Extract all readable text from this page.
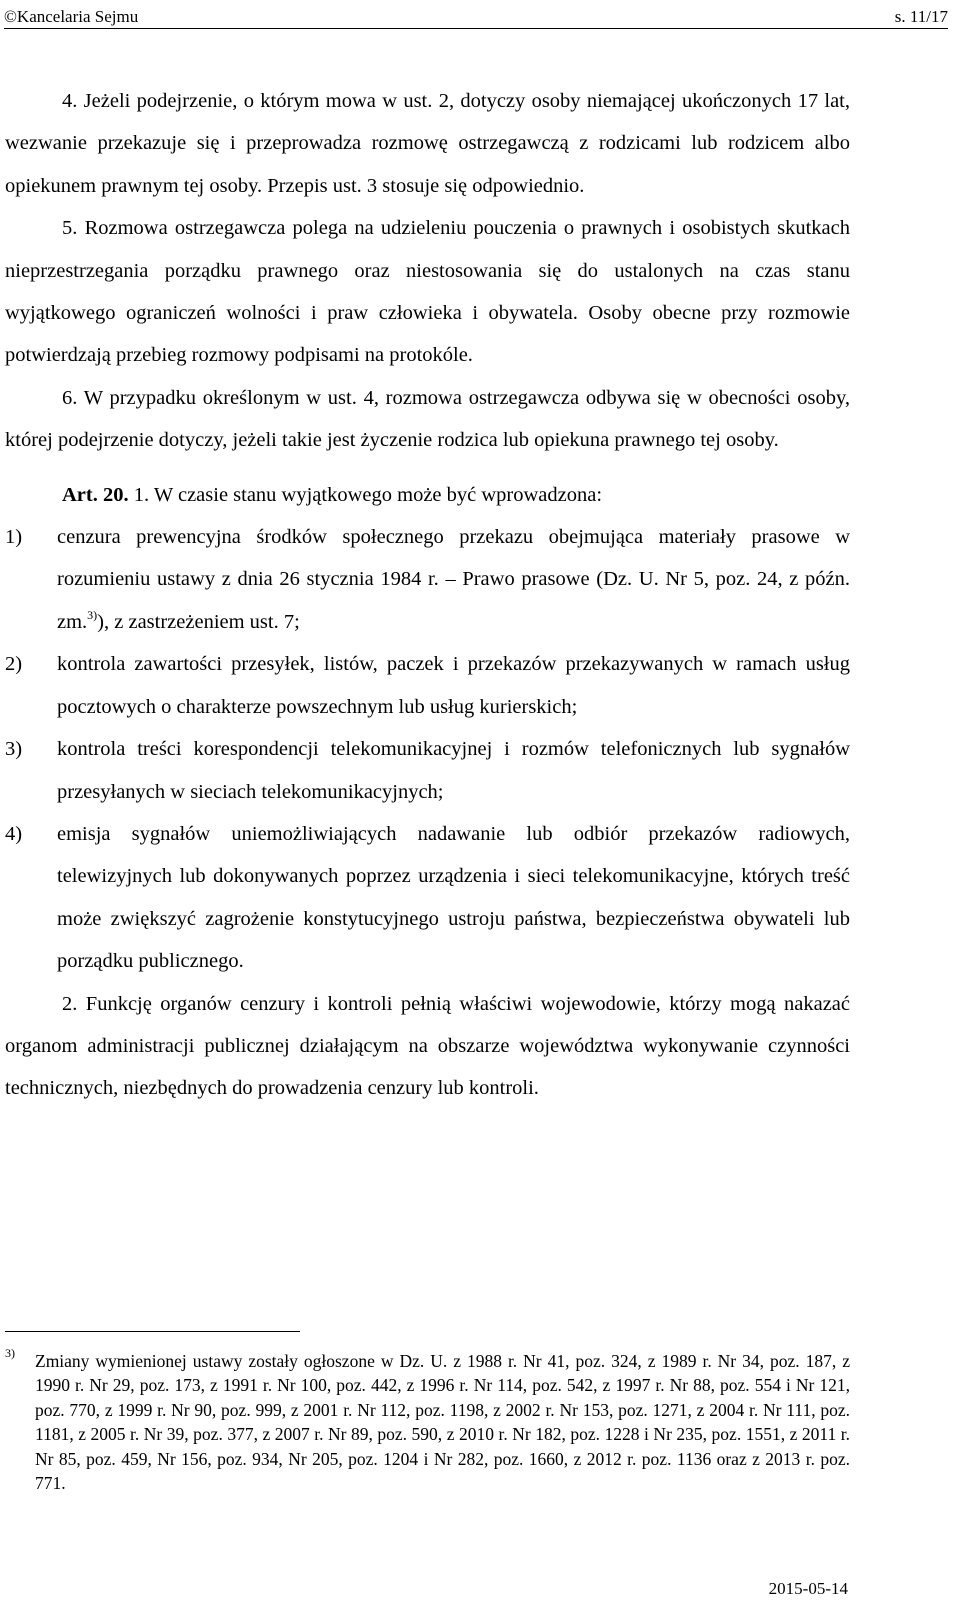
©Kancelaria Sejmu	s. 11/17

4. Jeżeli podejrzenie, o którym mowa w ust. 2, dotyczy osoby niemającej ukończonych 17 lat, wezwanie przekazuje się i przeprowadza rozmowę ostrzegawczą z rodzicami lub rodzicem albo opiekunem prawnym tej osoby. Przepis ust. 3 stosuje się odpowiednio.

5. Rozmowa ostrzegawcza polega na udzieleniu pouczenia o prawnych i osobistych skutkach nieprzestrzegania porządku prawnego oraz niestosowania się do ustalonych na czas stanu wyjątkowego ograniczeń wolności i praw człowieka i obywatela. Osoby obecne przy rozmowie potwierdzają przebieg rozmowy podpisami na protokóle.

6. W przypadku określonym w ust. 4, rozmowa ostrzegawcza odbywa się w obecności osoby, której podejrzenie dotyczy, jeżeli takie jest życzenie rodzica lub opiekuna prawnego tej osoby.

Art. 20. 1. W czasie stanu wyjątkowego może być wprowadzona:

1) cenzura prewencyjna środków społecznego przekazu obejmująca materiały prasowe w rozumieniu ustawy z dnia 26 stycznia 1984 r. – Prawo prasowe (Dz. U. Nr 5, poz. 24, z późn. zm.$^{3)}$), z zastrzeżeniem ust. 7;
2) kontrola zawartości przesyłek, listów, paczek i przekazów przekazywanych w ramach usług pocztowych o charakterze powszechnym lub usług kurierskich;
3) kontrola treści korespondencji telekomunikacyjnej i rozmów telefonicznych lub sygnałów przesyłanych w sieciach telekomunikacyjnych;
4) emisja sygnałów uniemożliwiających nadawanie lub odbiór przekazów radiowych, telewizyjnych lub dokonywanych poprzez urządzenia i sieci telekomunikacyjne, których treść może zwiększyć zagrożenie konstytucyjnego ustroju państwa, bezpieczeństwa obywateli lub porządku publicznego.

2. Funkcję organów cenzury i kontroli pełnią właściwi wojewodowie, którzy mogą nakazać organom administracji publicznej działającym na obszarze województwa wykonywanie czynności technicznych, niezbędnych do prowadzenia cenzury lub kontroli.

3) Zmiany wymienionej ustawy zostały ogłoszone w Dz. U. z 1988 r. Nr 41, poz. 324, z 1989 r. Nr 34, poz. 187, z 1990 r. Nr 29, poz. 173, z 1991 r. Nr 100, poz. 442, z 1996 r. Nr 114, poz. 542, z 1997 r. Nr 88, poz. 554 i Nr 121, poz. 770, z 1999 r. Nr 90, poz. 999, z 2001 r. Nr 112, poz. 1198, z 2002 r. Nr 153, poz. 1271, z 2004 r. Nr 111, poz. 1181, z 2005 r. Nr 39, poz. 377, z 2007 r. Nr 89, poz. 590, z 2010 r. Nr 182, poz. 1228 i Nr 235, poz. 1551, z 2011 r. Nr 85, poz. 459, Nr 156, poz. 934, Nr 205, poz. 1204 i Nr 282, poz. 1660, z 2012 r. poz. 1136 oraz z 2013 r. poz. 771.
2015-05-14
